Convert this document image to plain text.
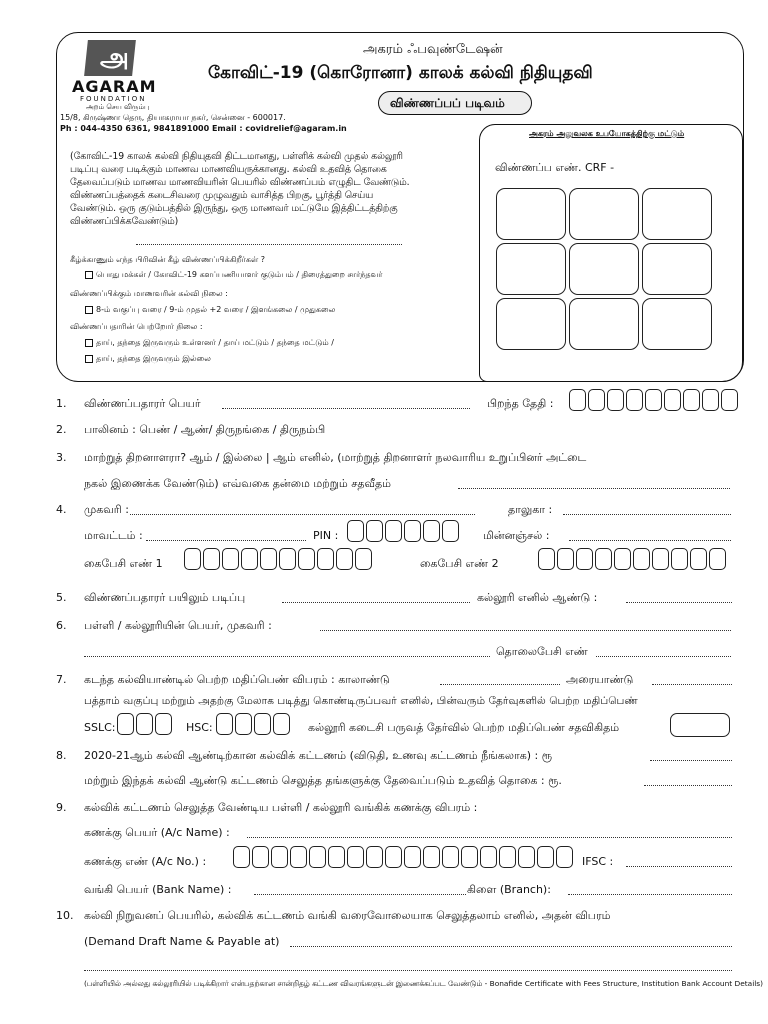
அ
AGARAM
FOUNDATION
அறம் செய விரும்பு
15/8, கிருஷ்ணா தெரு, தியாகராயா நகர், சென்னை - 600017.
Ph : 044-4350 6361, 9841891000 Email : covidrelief@agaram.in
அகரம் ஃபவுண்டேஷன்
கோவிட்-19 (கொரோனா) காலக் கல்வி நிதியுதவி
விண்ணப்பப் படிவம்
அகரம் அலுவலக உபயோகத்திற்கு மட்டும்
விண்ணப்ப எண். CRF -
(கோவிட்-19 காலக் கல்வி நிதியுதவி திட்டமானது, பள்ளிக் கல்வி முதல் கல்லூரி
படிப்பு வரை படிக்கும் மாணவ மாணவியருக்கானது. கல்வி உதவித் தொகை
தேவைப்படும் மாணவ மாணவியரின் பெயரில் விண்ணப்பம் எழுதிட வேண்டும்.
விண்ணப்பத்தைக் கடைசிவரை முழுவதும் வாசித்த பிறகு, பூர்த்தி செய்ய
வேண்டும். ஒரு குடும்பத்தில் இருந்து, ஒரு மாணவர் மட்டுமே இத்திட்டத்திற்கு
விண்ணப்பிக்கவேண்டும்)
கீழ்க்காணும் எந்த பிரிவின் கீழ் விண்ணப்பிக்கிறீர்கள் ?
பொது மக்கள் / கோவிட்-19 களப்பணியாளர் குடும்பம் / திரைத்துறை சார்ந்தவர்
விண்ணப்பிக்கும் மாணவரின் கல்வி நிலை :
8-ம் வகுப்பு வரை / 9-ம் முதல் +2 வரை / இளங்கலை / முதுகலை
விண்ணப்பதாரின் பெற்றோர் நிலை :
தாய், தந்தை இருவரும் உள்ளனர் / தாய் மட்டும் / தந்தை மட்டும் /
தாய், தந்தை இருவரும் இல்லை
1. விண்ணப்பதாரர் பெயர்	பிறந்த தேதி :
2. பாலினம் : பெண் / ஆண்/ திருநங்கை / திருநம்பி
3. மாற்றுத் திறனாளரா? ஆம் / இல்லை | ஆம் எனில், (மாற்றுத் திறனாளர் நலவாரிய உறுப்பினர் அட்டை
நகல் இணைக்க வேண்டும்) எவ்வகை தன்மை மற்றும் சதவீதம்
4. முகவரி :	தாலுகா :
மாவட்டம் :	PIN :	மின்னஞ்சல் :
கைபேசி எண் 1	கைபேசி எண் 2
5. விண்ணப்பதாரர் பயிலும் படிப்பு	கல்லூரி எனில் ஆண்டு :
6. பள்ளி / கல்லூரியின் பெயர், முகவரி :
தொலைபேசி எண்
7. கடந்த கல்வியாண்டில் பெற்ற மதிப்பெண் விபரம் : காலாண்டு	அரையாண்டு
பத்தாம் வகுப்பு மற்றும் அதற்கு மேலாக படித்து கொண்டிருப்பவர் எனில், பின்வரும் தேர்வுகளில் பெற்ற மதிப்பெண்
SSLC:	HSC:	கல்லூரி கடைசி பருவத் தேர்வில் பெற்ற மதிப்பெண் சதவிகிதம்
8. 2020-21ஆம் கல்வி ஆண்டிற்கான கல்விக் கட்டணம் (விடுதி, உணவு கட்டணம் நீங்கலாக) : ரூ
மற்றும் இந்தக் கல்வி ஆண்டு கட்டணம் செலுத்த தங்களுக்கு தேவைப்படும் உதவித் தொகை : ரூ.
9. கல்விக் கட்டணம் செலுத்த வேண்டிய பள்ளி / கல்லூரி வங்கிக் கணக்கு விபரம் :
கணக்கு பெயர் (A/c Name) :
கணக்கு எண் (A/c No.) :	IFSC :
வங்கி பெயர் (Bank Name) :	கிளை (Branch):
10. கல்வி நிறுவனப் பெயரில், கல்விக் கட்டணம் வங்கி வரைவோலையாக செலுத்தலாம் எனில், அதன் விபரம்
(Demand Draft Name & Payable at)
(பள்ளியில் அல்லது கல்லூரியில் படிக்கிறார் என்பதற்கான சான்றிதழ் கட்டண விவரங்களுடன் இணைக்கப்பட வேண்டும் - Bonafide Certificate with Fees Structure, Institution Bank Account Details)
